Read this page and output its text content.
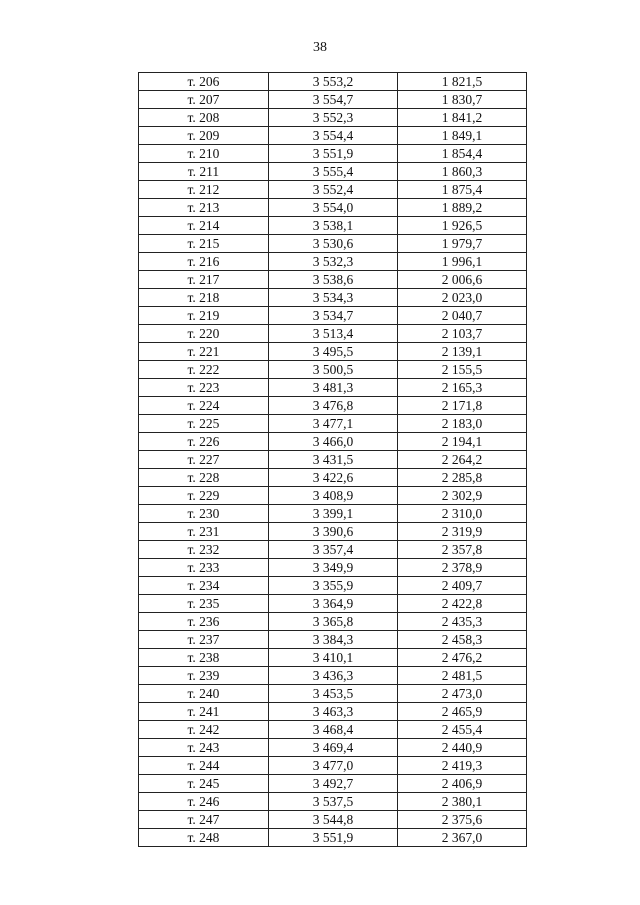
38
т. 206	3 553,2	1 821,5
т. 207	3 554,7	1 830,7
т. 208	3 552,3	1 841,2
т. 209	3 554,4	1 849,1
т. 210	3 551,9	1 854,4
т. 211	3 555,4	1 860,3
т. 212	3 552,4	1 875,4
т. 213	3 554,0	1 889,2
т. 214	3 538,1	1 926,5
т. 215	3 530,6	1 979,7
т. 216	3 532,3	1 996,1
т. 217	3 538,6	2 006,6
т. 218	3 534,3	2 023,0
т. 219	3 534,7	2 040,7
т. 220	3 513,4	2 103,7
т. 221	3 495,5	2 139,1
т. 222	3 500,5	2 155,5
т. 223	3 481,3	2 165,3
т. 224	3 476,8	2 171,8
т. 225	3 477,1	2 183,0
т. 226	3 466,0	2 194,1
т. 227	3 431,5	2 264,2
т. 228	3 422,6	2 285,8
т. 229	3 408,9	2 302,9
т. 230	3 399,1	2 310,0
т. 231	3 390,6	2 319,9
т. 232	3 357,4	2 357,8
т. 233	3 349,9	2 378,9
т. 234	3 355,9	2 409,7
т. 235	3 364,9	2 422,8
т. 236	3 365,8	2 435,3
т. 237	3 384,3	2 458,3
т. 238	3 410,1	2 476,2
т. 239	3 436,3	2 481,5
т. 240	3 453,5	2 473,0
т. 241	3 463,3	2 465,9
т. 242	3 468,4	2 455,4
т. 243	3 469,4	2 440,9
т. 244	3 477,0	2 419,3
т. 245	3 492,7	2 406,9
т. 246	3 537,5	2 380,1
т. 247	3 544,8	2 375,6
т. 248	3 551,9	2 367,0
